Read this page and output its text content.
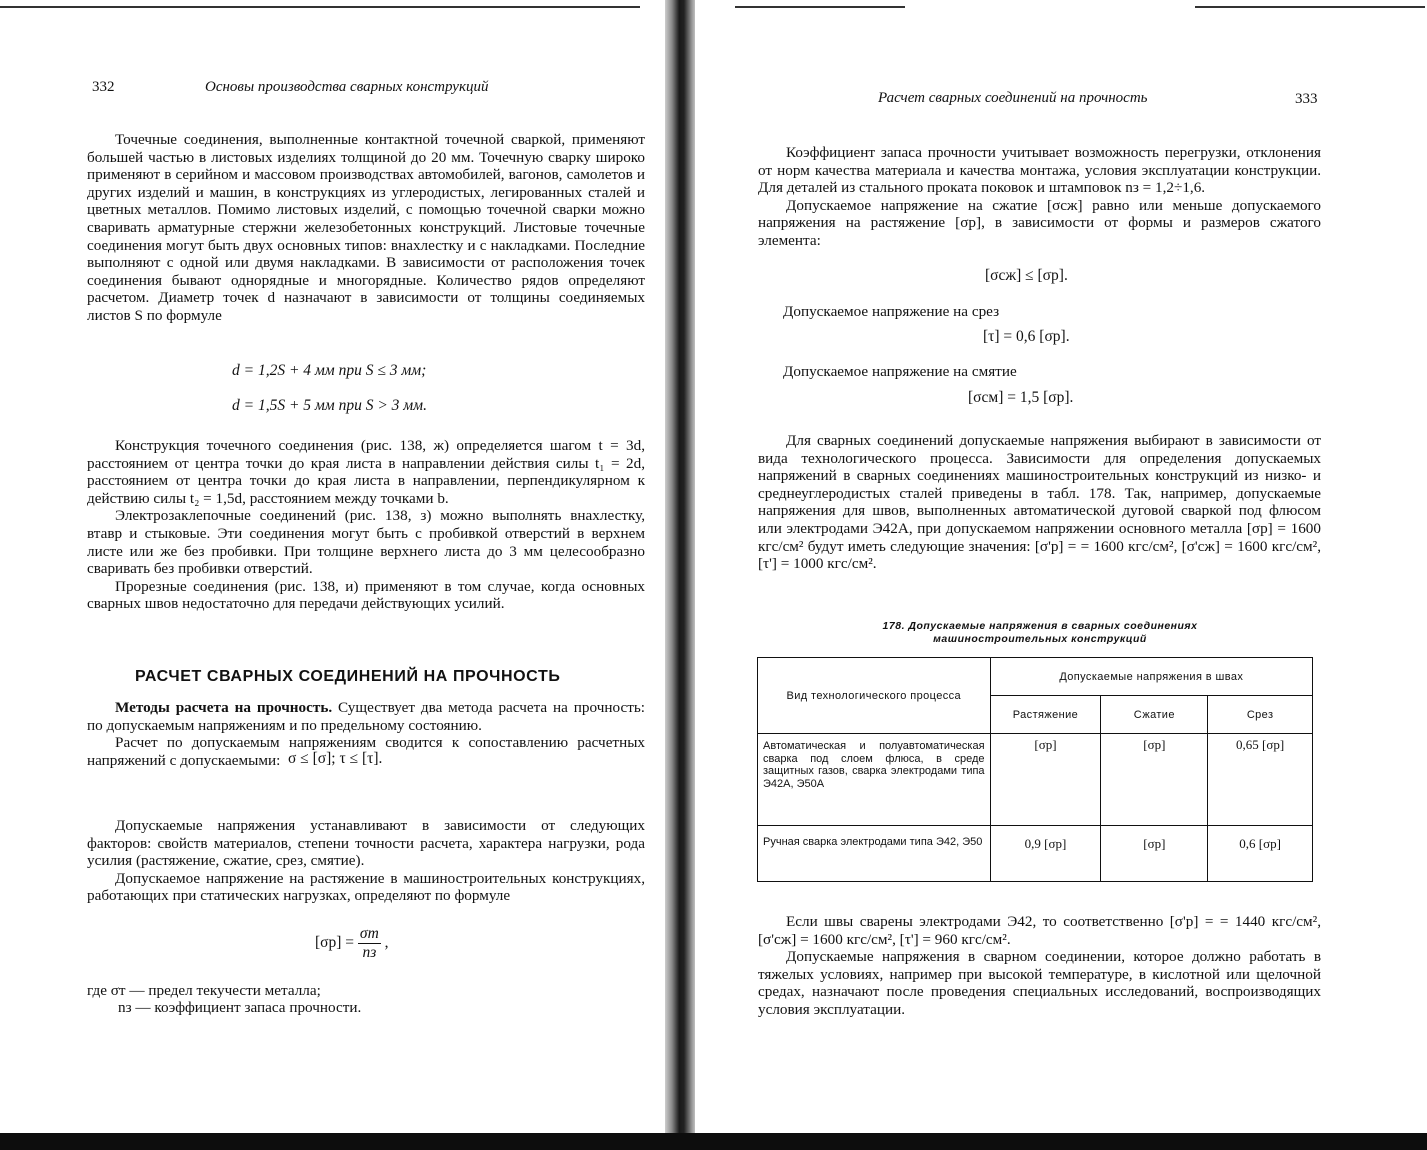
332	Основы производства сварных конструкций

Точечные соединения, выполненные контактной точечной сваркой, применяют большей частью в листовых изделиях толщиной до 20 мм. Точечную сварку широко применяют в серийном и массовом производствах автомобилей, вагонов, самолетов и других изделий и машин, в конструкциях из углеродистых, легированных сталей и цветных металлов. Помимо листовых изделий, с помощью точечной сварки можно сваривать арматурные стержни железобетонных конструкций. Листовые точечные соединения могут быть двух основных типов: внахлестку и с накладками. Последние выполняют с одной или двумя накладками. В зависимости от расположения точек соединения бывают однорядные и многорядные. Количество рядов определяют расчетом. Диаметр точек d назначают в зависимости от толщины соединяемых листов S по формуле

d = 1,2S + 4 мм при S ≤ 3 мм;
d = 1,5S + 5 мм при S > 3 мм.

Конструкция точечного соединения (рис. 138, ж) определяется шагом t = 3d, расстоянием от центра точки до края листа в направлении действия силы t₁ = 2d, расстоянием от центра точки до края листа в направлении, перпендикулярном к действию силы t₂ = 1,5d, расстоянием между точками b.

Электрозаклепочные соединений (рис. 138, з) можно выполнять внахлестку, втавр и стыковые. Эти соединения могут быть с пробивкой отверстий в верхнем листе или же без пробивки. При толщине верхнего листа до 3 мм целесообразно сваривать без пробивки отверстий.

Прорезные соединения (рис. 138, и) применяют в том случае, когда основных сварных швов недостаточно для передачи действующих усилий.

РАСЧЕТ СВАРНЫХ СОЕДИНЕНИЙ НА ПРОЧНОСТЬ

Методы расчета на прочность. Существует два метода расчета на прочность: по допускаемым напряжениям и по предельному состоянию.

Расчет по допускаемым напряжениям сводится к сопоставлению расчетных напряжений с допускаемыми: σ ≤ [σ]; τ ≤ [τ].

Допускаемые напряжения устанавливают в зависимости от следующих факторов: свойств материалов, степени точности расчета, характера нагрузки, рода усилия (растяжение, сжатие, срез, смятие).

Допускаемое напряжение на растяжение в машиностроительных конструкциях, работающих при статических нагрузках, определяют по формуле

$[\sigma р] = \frac{\sigma т}{nз}$ ,
где σт — предел текучести металла;
nз — коэффициент запаса прочности.
Расчет сварных соединений на прочность	333

Коэффициент запаса прочности учитывает возможность перегрузки, отклонения от норм качества материала и качества монтажа, условия эксплуатации конструкции. Для деталей из стального проката поковок и штамповок nз = 1,2÷1,6.

Допускаемое напряжение на сжатие [σсж] равно или меньше допускаемого напряжения на растяжение [σр], в зависимости от формы и размеров сжатого элемента:

[σсж] ≤ [σр].
Допускаемое напряжение на срез
[τ] = 0,6 [σр].
Допускаемое напряжение на смятие
[σсм] = 1,5 [σр].

Для сварных соединений допускаемые напряжения выбирают в зависимости от вида технологического процесса. Зависимости для определения допускаемых напряжений в сварных соединениях машиностроительных конструкций из низко- и среднеуглеродистых сталей приведены в табл. 178. Так, например, допускаемые напряжения для швов, выполненных автоматической дуговой сваркой под флюсом или электродами Э42А, при допускаемом напряжении основного металла [σр] = 1600 кгс/см² будут иметь следующие значения: [σ'р] = = 1600 кгс/см², [σ'сж] = 1600 кгс/см², [τ'] = 1000 кгс/см².

178. Допускаемые напряжения в сварных соединениях
машиностроительных конструкций
Вид технологического процесса	Допускаемые напряжения в швах		
	Растяжение	Сжатие	Срез
Автоматическая и полуавтоматическая сварка под слоем флюса, в среде защитных газов, сварка электродами типа Э42А, Э50А	[σр]	[σр]	0,65 [σр]
Ручная сварка электродами типа Э42, Э50	0,9 [σр]	[σр]	0,6 [σр]

Если швы сварены электродами Э42, то соответственно [σ'р] = = 1440 кгс/см², [σ'сж] = 1600 кгс/см², [τ'] = 960 кгс/см².

Допускаемые напряжения в сварном соединении, которое должно работать в тяжелых условиях, например при высокой температуре, в кислотной или щелочной средах, назначают после проведения специальных исследований, воспроизводящих условия эксплуатации.
